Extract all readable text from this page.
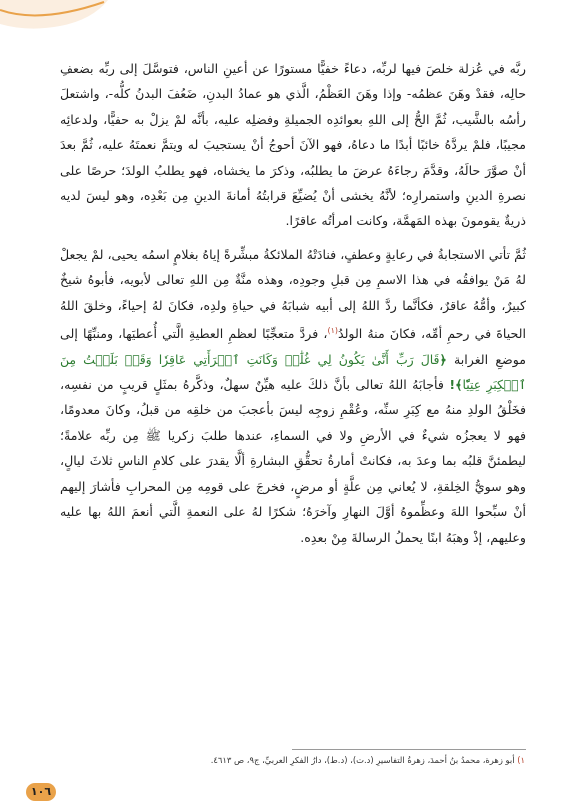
ربَّه في عُزلة خلصَ فيها لربِّه، دعاءً خفيًّا مستورًا عن أعينِ الناس، فتوسَّلَ إلى ربِّه بضعفِ حالِه، فقدْ وهَنَ عظمُه- وإذا وهَنَ العَظْمُ، الَّذي هو عمادُ البدنِ، ضَعُفَ البدنُ كلُّه-، واشتعلَ رأسُه بالشَّيب، ثُمَّ الحُّ إلى اللهِ بعوائدِه الجميلةِ وفضلِه عليه، بأنَّه لمْ يزلْ به حفيًّا، ولدعائِه مجيبًا، فلمْ يردَّهُ خائبًا أبدًا ما دعاهُ، فهو الآنَ أحوجُ أنْ يستجيبَ له ويتمَّ نعمتَهُ عليه، ثُمَّ بعدَ أنْ صوَّرَ حالَهُ، وقدَّمَ رجاءَهُ عرضَ ما يطلبُه، وذكرَ ما يخشاه، فهو يطلبُ الولدَ؛ حرصًا على نصرةِ الدينِ واستمرارِه؛ لأنَّهُ يخشى أنْ يُضيِّعَ قرابتُهُ أمانةَ الدينِ مِن بَعْدِه، وهو ليسَ لديه ذريةٌ يقومونَ بهذه المَهمَّة، وكانت امرأتُه عاقرًا.

ثُمَّ تأتي الاستجابةُ في رعايةٍ وعطفٍ، فنادَتْهُ الملائكةُ مبشِّرةً إياهُ بغلامٍ اسمُه يحيى، لمْ يجعلْ لهُ مَنْ يوافقُه في هذا الاسمِ مِن قبلِ وجودِه، وهذه منَّةٌ مِن اللهِ تعالى لأبويه، فأبوهُ شيخٌ كبيرٌ، وأمُّهُ عاقرٌ، فكأنَّما ردَّ اللهُ إلى أبيه شبابَهُ في حياةِ ولدِه، فكانَ لهُ إحياءً، وخلقَ اللهُ الحياةَ في رحمِ أمِّه، فكانَ منهُ الولدُ$^{(١)}$، فردَّ متعجِّبًا لعظمِ العطيةِ الَّتي أُعطيَها، ومنبِّهًا إلى موضعِ الغرابة ﴿قَالَ رَبِّ أَنَّىٰ يَكُونُ لِي غُلَٰمٞ وَكَانَتِ ٱمۡرَأَتِي عَاقِرٗا وَقَدۡ بَلَغۡتُ مِنَ ٱلۡكِبَرِ عِتِيّٗا﴾! فأجابَهُ اللهُ تعالى بأنَّ ذلكَ عليه هيِّنٌ سهلٌ، وذكَّرهُ بمثَلٍ قريبٍ من نفسِه، فخَلْقُ الولدِ منهُ مع كِبَرِ سنِّه، وعُقْمِ زوجِه ليسَ بأعجبَ من خلقِه من قبلُ، وكانَ معدومًا، فهو لا يعجزُه شيءٌ في الأرضِ ولا في السماءِ، عندها طلبَ زكريا ﷺ مِن ربِّه علامةً؛ ليطمئنَّ قلبُه بما وعدَ به، فكانتْ أمارةُ تحقُّقِ البشارةِ ألَّا يقدرَ على كلامِ الناسِ ثلاثَ ليالٍ، وهو سويُّ الخِلقةِ، لا يُعاني مِن علَّةٍ أو مرضٍ، فخرجَ على قومِه مِن المحرابِ فأشارَ إليهم أنْ سبِّحوا اللهَ وعظِّموهُ أوَّلَ النهارِ وآخرَهُ؛ شكرًا لهُ على النعمةِ الَّتي أنعمَ اللهُ بها عليه وعليهم، إذْ وهبَهُ ابنًا يحملُ الرسالةَ مِنْ بعدِه.

١) أبو زهرة، محمدُ بنُ أحمدَ، زهرةُ التفاسيرِ (د.ت)، (د.ط)، دارُ الفكرِ العربيِّ، ج٩، ص ٤٦١٣.
١٠٦
